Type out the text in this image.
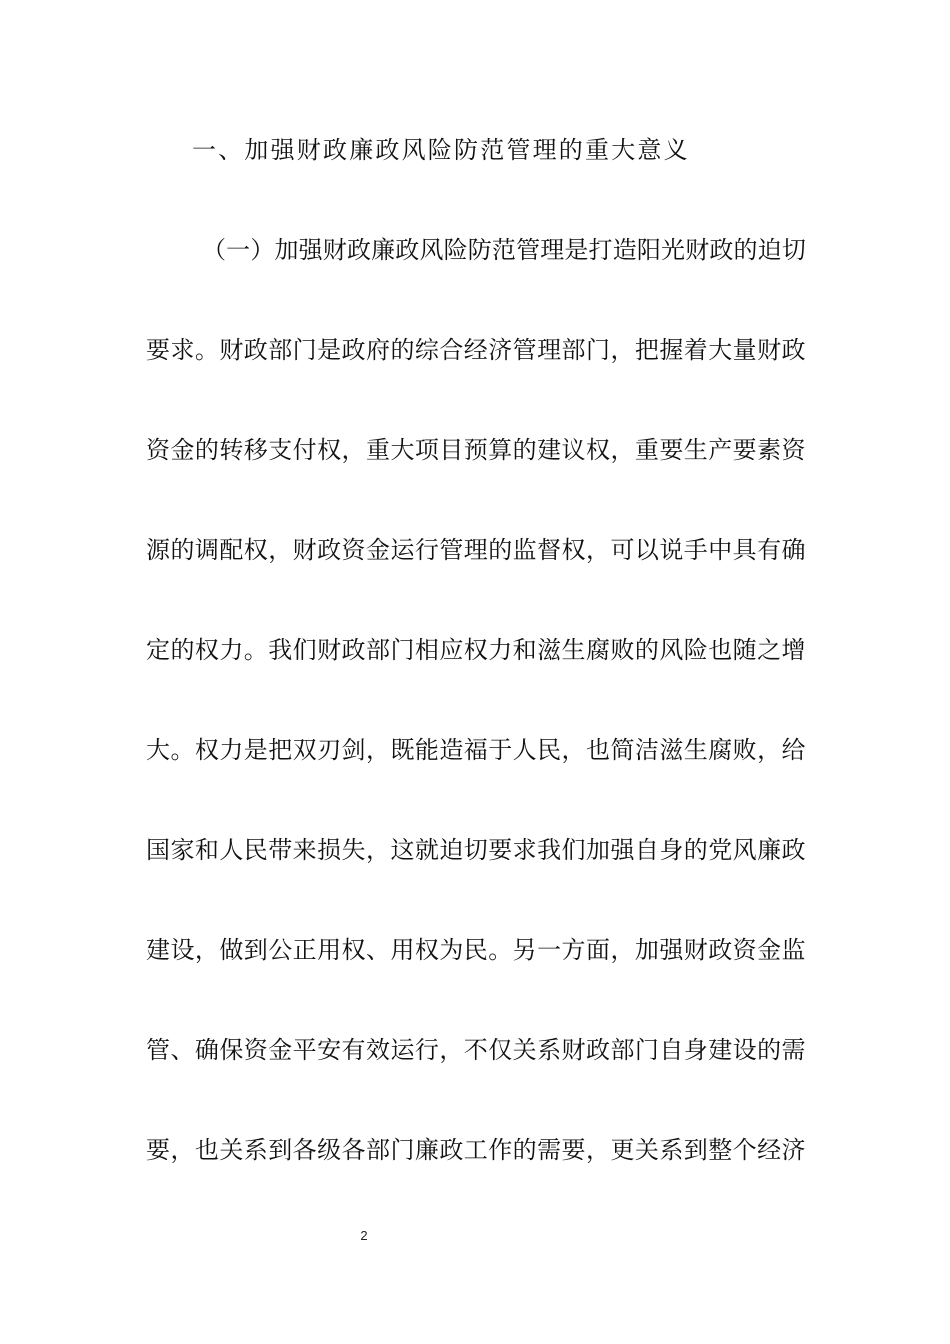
一、加强财政廉政风险防范管理的重大意义
（一）加强财政廉政风险防范管理是打造阳光财政的迫切
要求。财政部门是政府的综合经济管理部门，把握着大量财政
资金的转移支付权，重大项目预算的建议权，重要生产要素资
源的调配权，财政资金运行管理的监督权，可以说手中具有确
定的权力。我们财政部门相应权力和滋生腐败的风险也随之增
大。权力是把双刃剑，既能造福于人民，也简洁滋生腐败，给
国家和人民带来损失，这就迫切要求我们加强自身的党风廉政
建设，做到公正用权、用权为民。另一方面，加强财政资金监
管、确保资金平安有效运行，不仅关系财政部门自身建设的需
要，也关系到各级各部门廉政工作的需要，更关系到整个经济
2
